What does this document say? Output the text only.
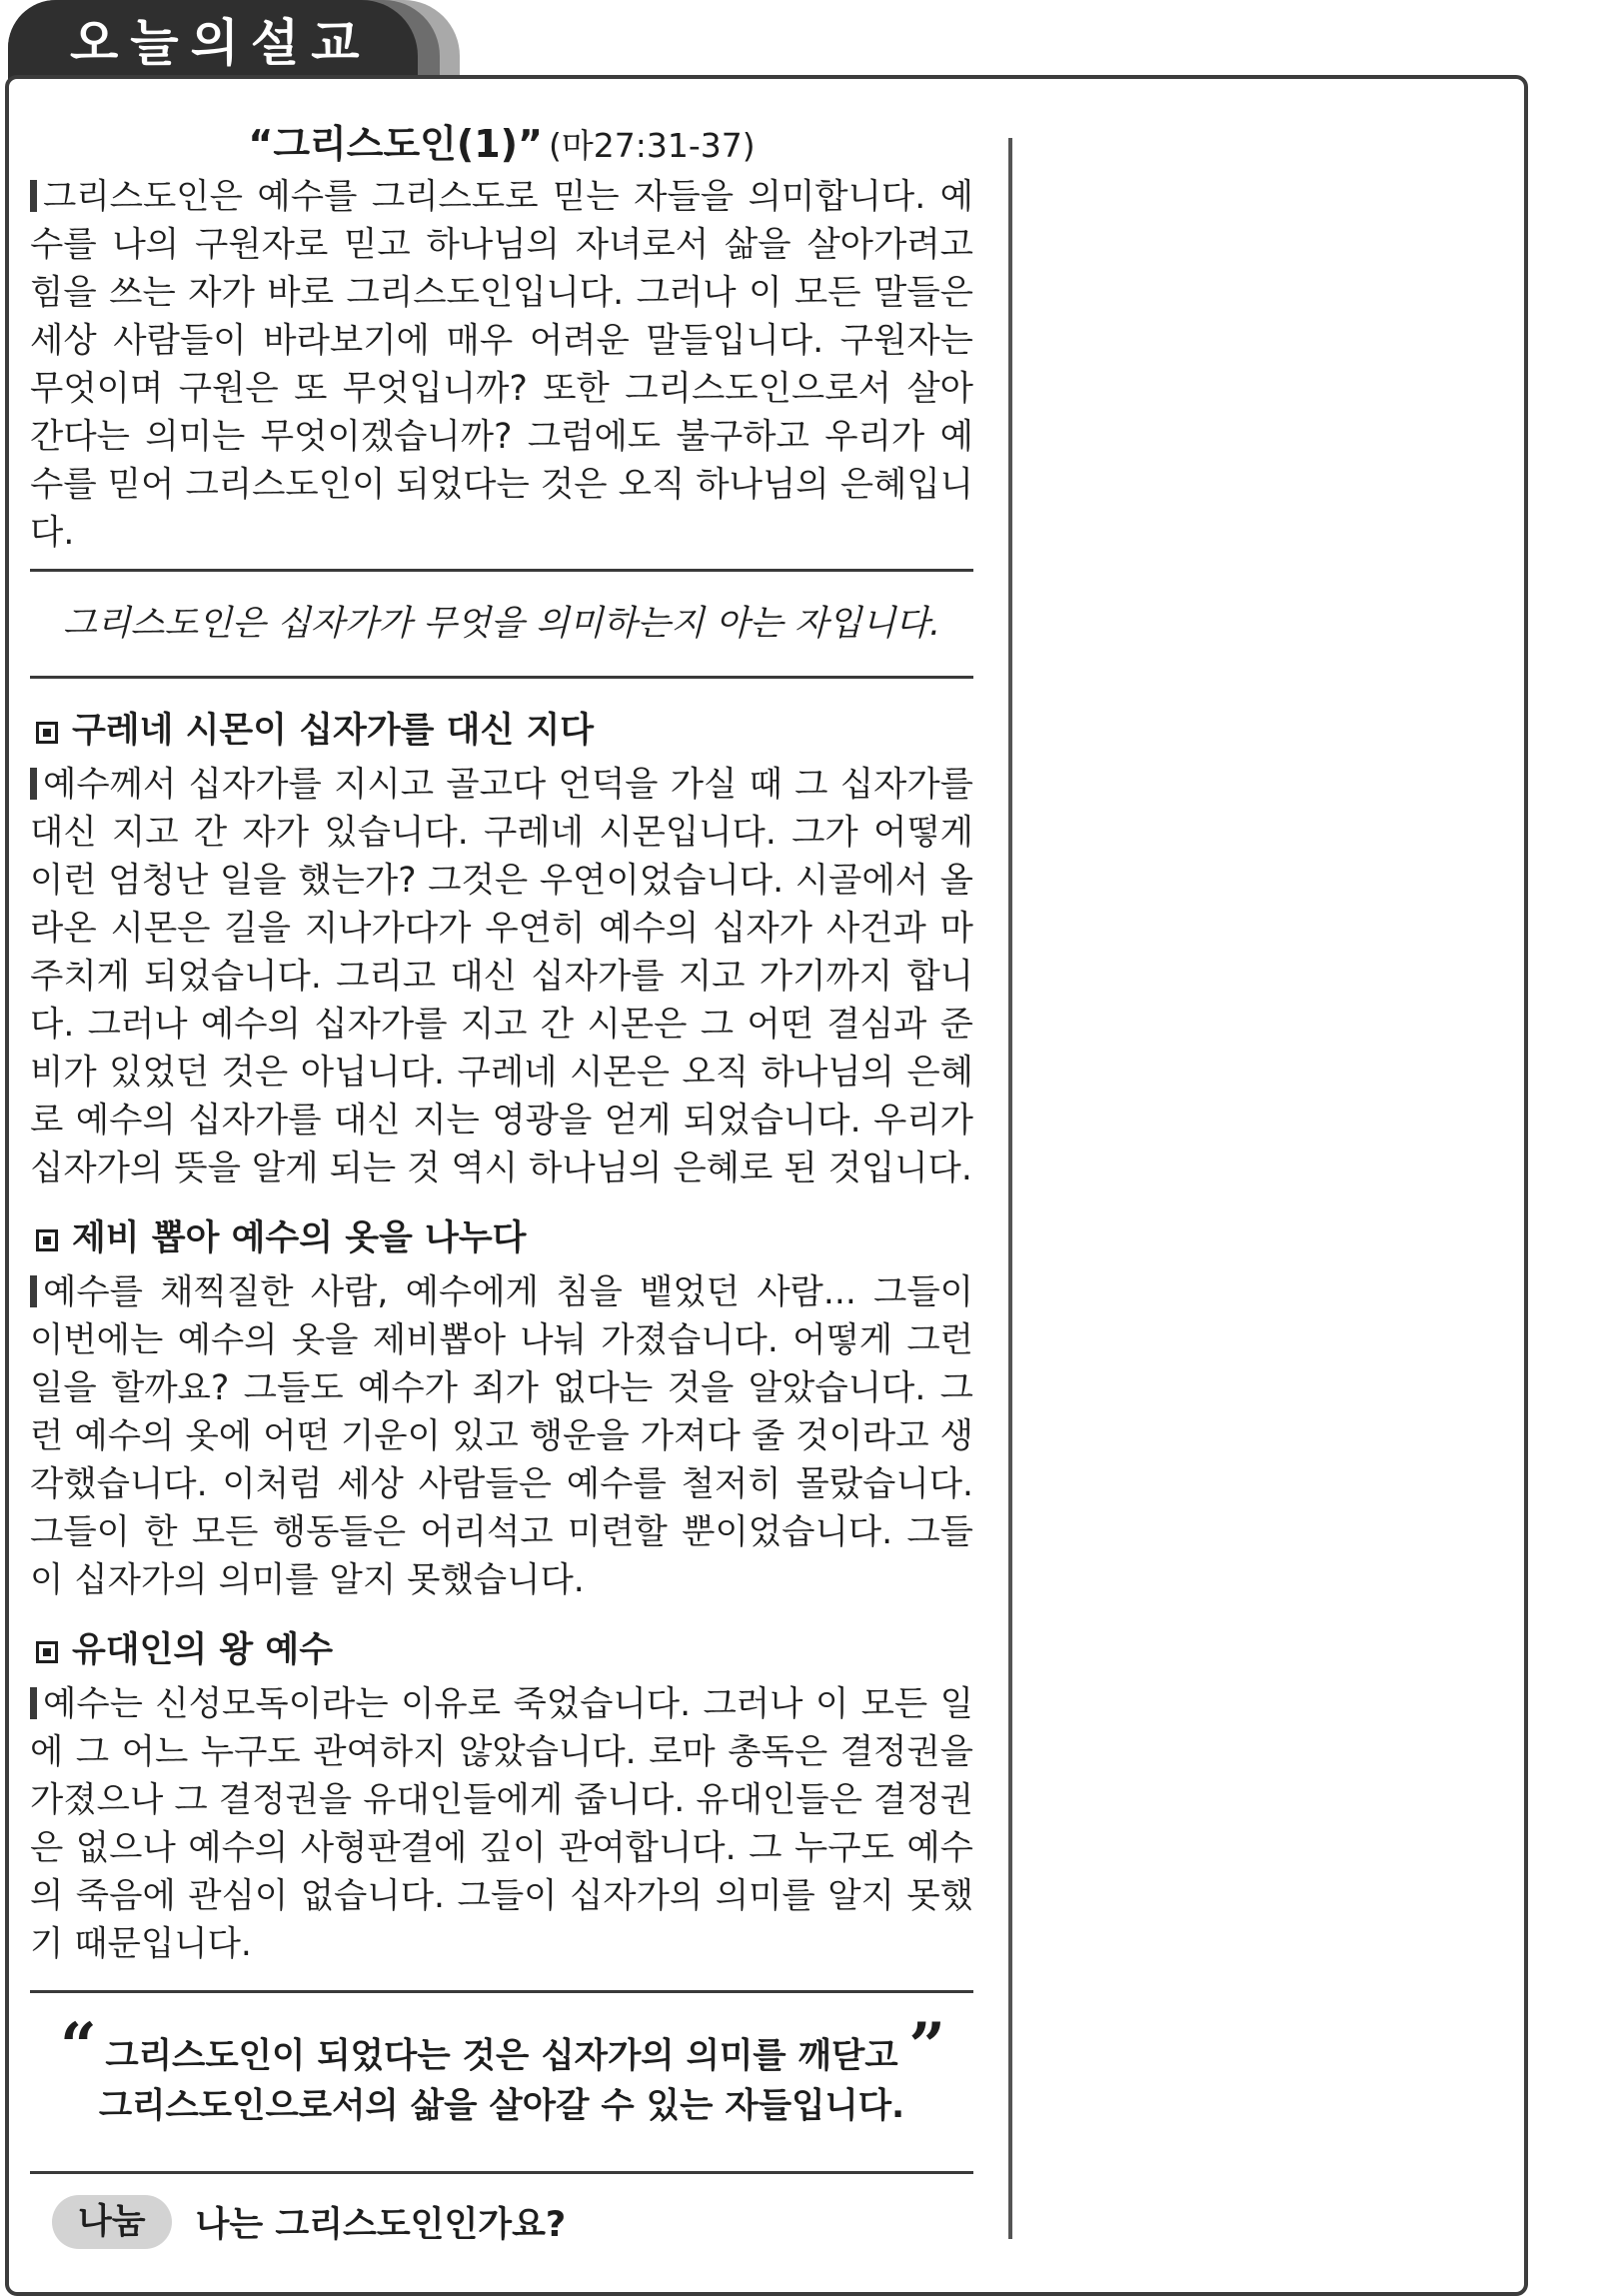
오늘의설교
“그리스도인(1)” (마27:31-37)

그리스도인은 예수를 그리스도로 믿는 자들을 의미합니다. 예수를 나의 구원자로 믿고 하나님의 자녀로서 삶을 살아가려고 힘을 쓰는 자가 바로 그리스도인입니다. 그러나 이 모든 말들은 세상 사람들이 바라보기에 매우 어려운 말들입니다. 구원자는 무엇이며 구원은 또 무엇입니까? 또한 그리스도인으로서 살아간다는 의미는 무엇이겠습니까? 그럼에도 불구하고 우리가 예수를 믿어 그리스도인이 되었다는 것은 오직 하나님의 은혜입니다.

그리스도인은 십자가가 무엇을 의미하는지 아는 자입니다.
구레네 시몬이 십자가를 대신 지다

예수께서 십자가를 지시고 골고다 언덕을 가실 때 그 십자가를 대신 지고 간 자가 있습니다. 구레네 시몬입니다. 그가 어떻게 이런 엄청난 일을 했는가? 그것은 우연이었습니다. 시골에서 올라온 시몬은 길을 지나가다가 우연히 예수의 십자가 사건과 마주치게 되었습니다. 그리고 대신 십자가를 지고 가기까지 합니다. 그러나 예수의 십자가를 지고 간 시몬은 그 어떤 결심과 준비가 있었던 것은 아닙니다. 구레네 시몬은 오직 하나님의 은혜로 예수의 십자가를 대신 지는 영광을 얻게 되었습니다. 우리가 십자가의 뜻을 알게 되는 것 역시 하나님의 은혜로 된 것입니다.

제비 뽑아 예수의 옷을 나누다

예수를 채찍질한 사람, 예수에게 침을 뱉었던 사람... 그들이 이번에는 예수의 옷을 제비뽑아 나눠 가졌습니다. 어떻게 그런 일을 할까요? 그들도 예수가 죄가 없다는 것을 알았습니다. 그런 예수의 옷에 어떤 기운이 있고 행운을 가져다 줄 것이라고 생각했습니다. 이처럼 세상 사람들은 예수를 철저히 몰랐습니다. 그들이 한 모든 행동들은 어리석고 미련할 뿐이었습니다. 그들이 십자가의 의미를 알지 못했습니다.

유대인의 왕 예수

예수는 신성모독이라는 이유로 죽었습니다. 그러나 이 모든 일에 그 어느 누구도 관여하지 않았습니다. 로마 총독은 결정권을 가졌으나 그 결정권을 유대인들에게 줍니다. 유대인들은 결정권은 없으나 예수의 사형판결에 깊이 관여합니다. 그 누구도 예수의 죽음에 관심이 없습니다. 그들이 십자가의 의미를 알지 못했기 때문입니다.

“	”
그리스도인이 되었다는 것은 십자가의 의미를 깨닫고
그리스도인으로서의 삶을 살아갈 수 있는 자들입니다.
나눔	나는 그리스도인인가요?
